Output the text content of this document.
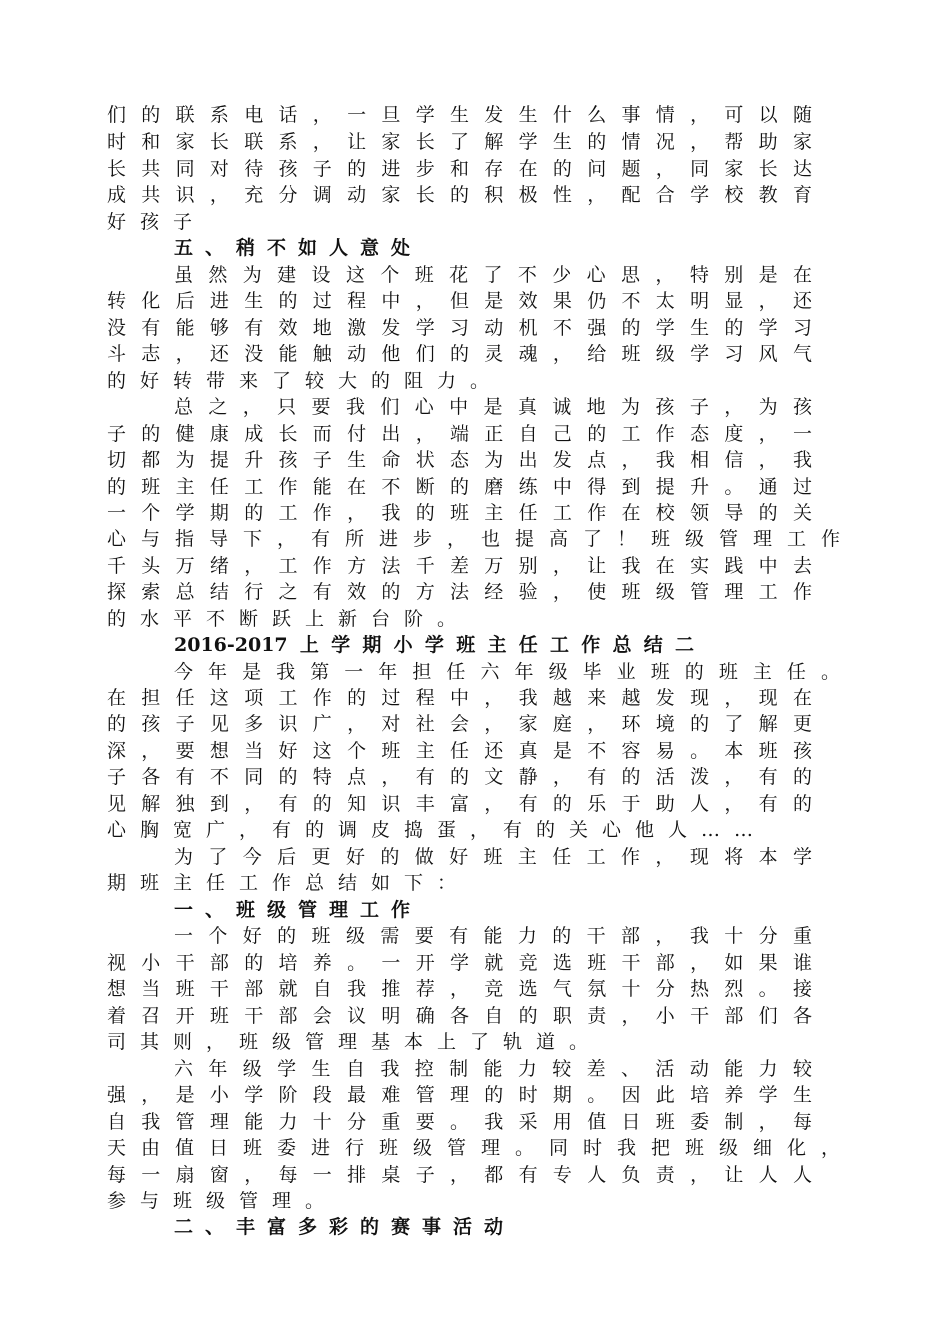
们的联系电话，一旦学生发生什么事情，可以随
时和家长联系，让家长了解学生的情况，帮助家
长共同对待孩子的进步和存在的问题，同家长达
成共识，充分调动家长的积极性，配合学校教育
好孩子
五、稍不如人意处
虽然为建设这个班花了不少心思，特别是在
转化后进生的过程中，但是效果仍不太明显，还
没有能够有效地激发学习动机不强的学生的学习
斗志，还没能触动他们的灵魂，给班级学习风气
的好转带来了较大的阻力。
总之，只要我们心中是真诚地为孩子，为孩
子的健康成长而付出，端正自己的工作态度，一
切都为提升孩子生命状态为出发点，我相信，我
的班主任工作能在不断的磨练中得到提升。通过
一个学期的工作，我的班主任工作在校领导的关
心与指导下，有所进步，也提高了！班级管理工作
千头万绪，工作方法千差万别，让我在实践中去
探索总结行之有效的方法经验，使班级管理工作
的水平不断跃上新台阶。
2016-2017上学期小学班主任工作总结二
今年是我第一年担任六年级毕业班的班主任。
在担任这项工作的过程中，我越来越发现，现在
的孩子见多识广，对社会，家庭，环境的了解更
深，要想当好这个班主任还真是不容易。本班孩
子各有不同的特点，有的文静，有的活泼，有的
见解独到，有的知识丰富，有的乐于助人，有的
心胸宽广，有的调皮捣蛋，有的关心他人……
为了今后更好的做好班主任工作，现将本学
期班主任工作总结如下：
一、班级管理工作
一个好的班级需要有能力的干部，我十分重
视小干部的培养。一开学就竞选班干部，如果谁
想当班干部就自我推荐，竞选气氛十分热烈。接
着召开班干部会议明确各自的职责，小干部们各
司其则，班级管理基本上了轨道。
六年级学生自我控制能力较差、活动能力较
强，是小学阶段最难管理的时期。因此培养学生
自我管理能力十分重要。我采用值日班委制，每
天由值日班委进行班级管理。同时我把班级细化，
每一扇窗，每一排桌子，都有专人负责，让人人
参与班级管理。
二、丰富多彩的赛事活动
